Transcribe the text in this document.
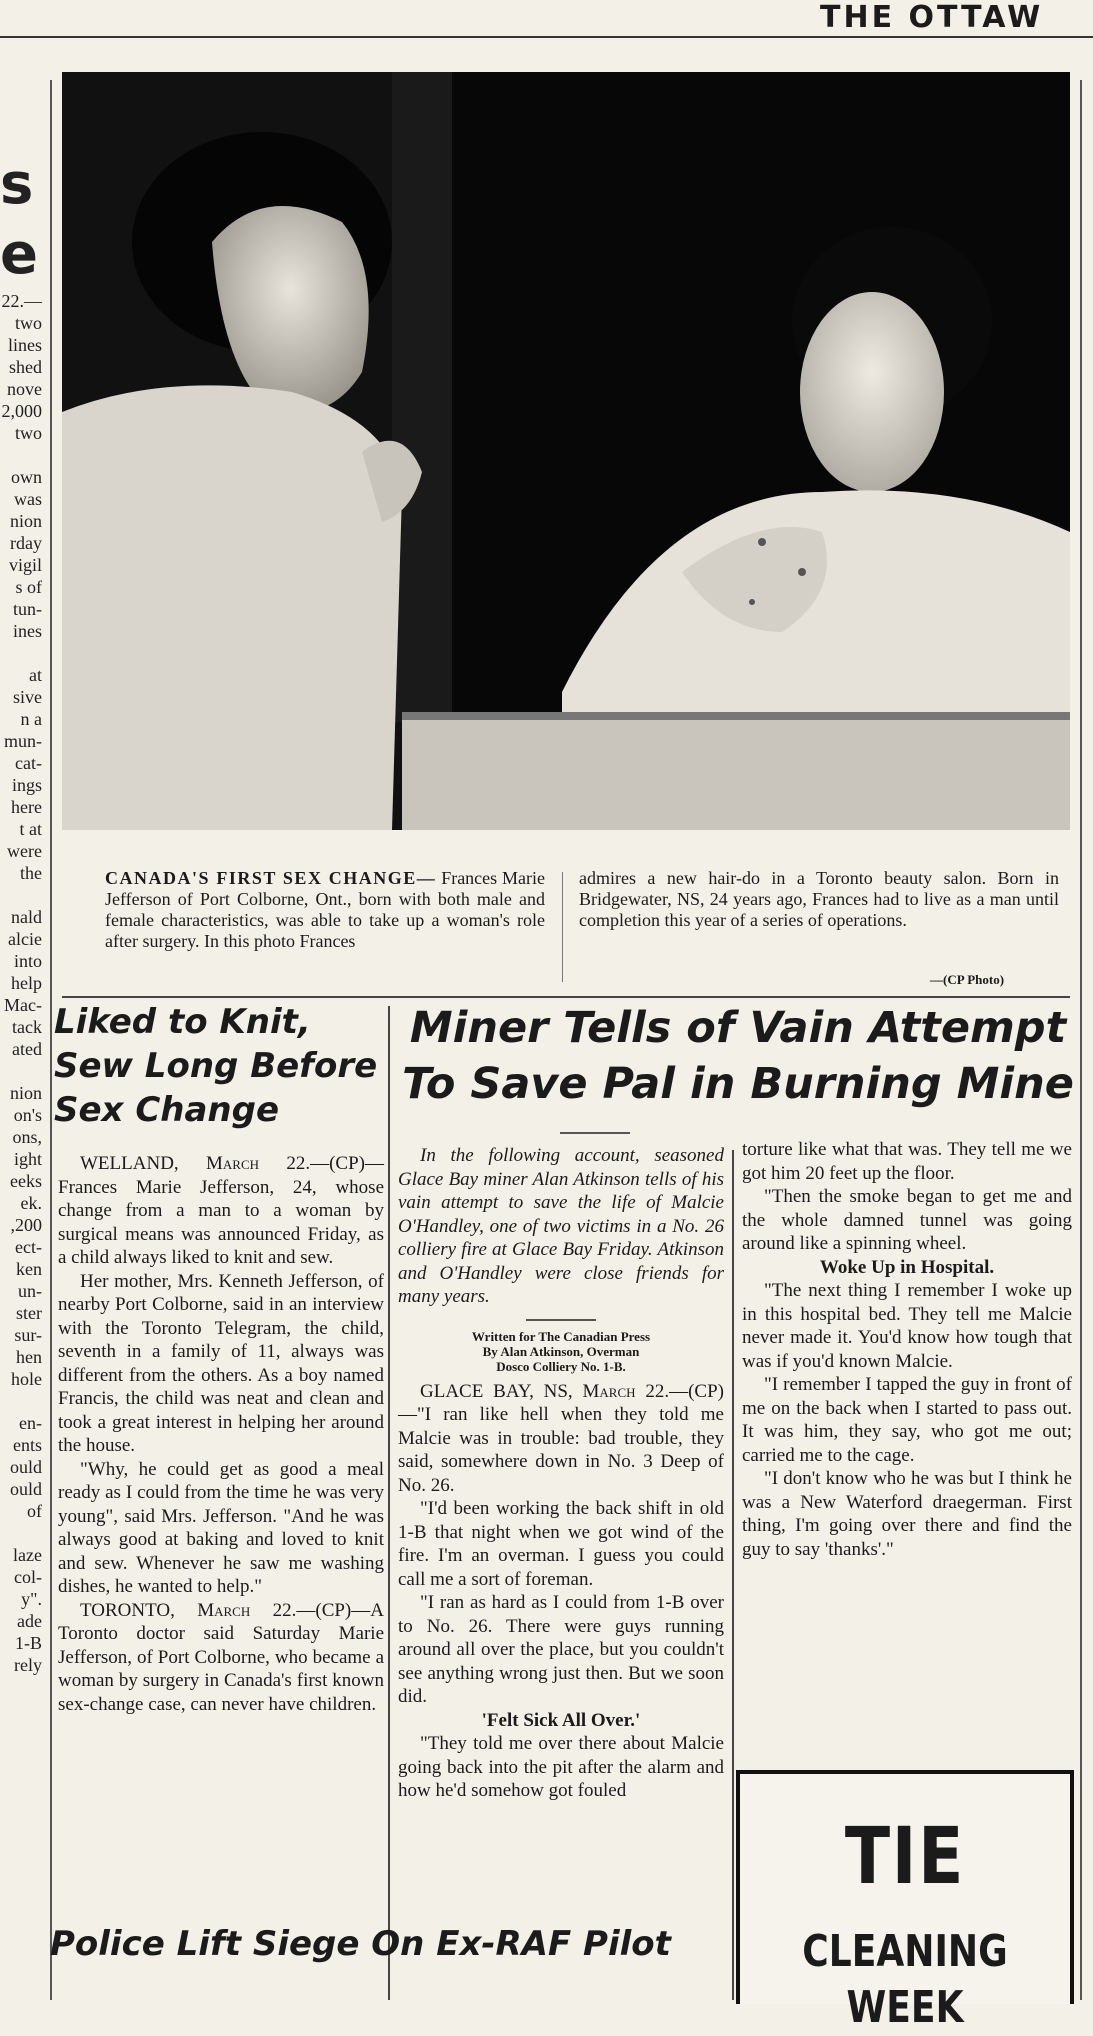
THE OTTAW
s
e
22.—
two
lines
shed
nove
2,000
two

own
was
nion
rday
vigil
s of
tun-
ines

at
sive
n a
mun-
cat-
ings
here
t at
were
the

nald
alcie
into
help
Mac-
tack
ated

nion
on's
ons,
ight
eeks
ek.
,200
ect-
ken
un-
ster
sur-
hen
hole

en-
ents
ould
ould
of

laze
col-
y".
ade
1-B
rely
CANADA'S FIRST SEX CHANGE— Frances Marie Jefferson of Port Colborne, Ont., born with both male and female characteristics, was able to take up a woman's role after surgery. In this photo Frances
admires a new hair-do in a Toronto beauty salon. Born in Bridgewater, NS, 24 years ago, Frances had to live as a man until completion this year of a series of operations.
—(CP Photo)
Liked to Knit, Sew Long Before Sex Change

WELLAND, March 22.—(CP)—Frances Marie Jefferson, 24, whose change from a man to a woman by surgical means was announced Friday, as a child always liked to knit and sew.

Her mother, Mrs. Kenneth Jefferson, of nearby Port Colborne, said in an interview with the Toronto Telegram, the child, seventh in a family of 11, always was different from the others. As a boy named Francis, the child was neat and clean and took a great interest in helping her around the house.

"Why, he could get as good a meal ready as I could from the time he was very young", said Mrs. Jefferson. "And he was always good at baking and loved to knit and sew. Whenever he saw me washing dishes, he wanted to help."

TORONTO, March 22.—(CP)—A Toronto doctor said Saturday Marie Jefferson, of Port Colborne, who became a woman by surgery in Canada's first known sex-change case, can never have children.

Police Lift Siege On Ex-RAF Pilot
Miner Tells of Vain Attempt To Save Pal in Burning Mine

In the following account, seasoned Glace Bay miner Alan Atkinson tells of his vain attempt to save the life of Malcie O'Handley, one of two victims in a No. 26 colliery fire at Glace Bay Friday. Atkinson and O'Handley were close friends for many years.

Written for The Canadian Press
By Alan Atkinson, Overman
Dosco Colliery No. 1-B.

GLACE BAY, NS, March 22.—(CP)—"I ran like hell when they told me Malcie was in trouble: bad trouble, they said, somewhere down in No. 3 Deep of No. 26.

"I'd been working the back shift in old 1-B that night when we got wind of the fire. I'm an overman. I guess you could call me a sort of foreman.

"I ran as hard as I could from 1-B over to No. 26. There were guys running around all over the place, but you couldn't see anything wrong just then. But we soon did.

'Felt Sick All Over.'

"They told me over there about Malcie going back into the pit after the alarm and how he'd somehow got fouled

torture like what that was. They tell me we got him 20 feet up the floor.

"Then the smoke began to get me and the whole damned tunnel was going around like a spinning wheel.

Woke Up in Hospital.

"The next thing I remember I woke up in this hospital bed. They tell me Malcie never made it. You'd know how tough that was if you'd known Malcie.

"I remember I tapped the guy in front of me on the back when I started to pass out. It was him, they say, who got me out; carried me to the cage.

"I don't know who he was but I think he was a New Waterford draegerman. First thing, I'm going over there and find the guy to say 'thanks'."

TIE
CLEANING WEEK
